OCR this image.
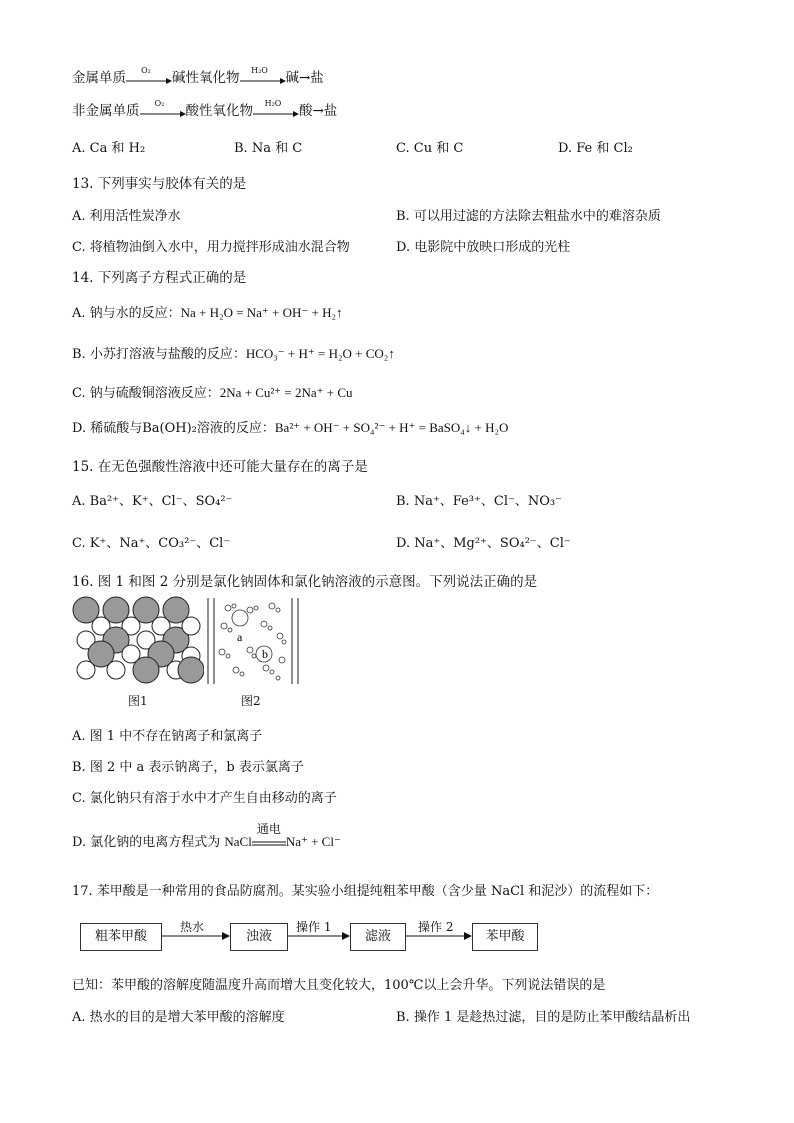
金属单质	O₂	碱性氧化物	H₂O	碱→盐
非金属单质	O₂	酸性氧化物	H₂O	酸→盐
A. Ca 和 H₂	B. Na 和 C	C. Cu 和 C	D. Fe 和 Cl₂
13. 下列事实与胶体有关的是
A. 利用活性炭净水	B. 可以用过滤的方法除去粗盐水中的难溶杂质
C. 将植物油倒入水中，用力搅拌形成油水混合物	D. 电影院中放映口形成的光柱
14. 下列离子方程式正确的是
A. 钠与水的反应：Na + H₂O = Na⁺ + OH⁻ + H₂↑
B. 小苏打溶液与盐酸的反应：HCO₃⁻ + H⁺ = H₂O + CO₂↑
C. 钠与硫酸铜溶液反应：2Na + Cu²⁺ = 2Na⁺ + Cu
D. 稀硫酸与Ba(OH)₂溶液的反应：Ba²⁺ + OH⁻ + SO₄²⁻ + H⁺ = BaSO₄↓ + H₂O
15. 在无色强酸性溶液中还可能大量存在的离子是
A. Ba²⁺、K⁺、Cl⁻、SO₄²⁻	B. Na⁺、Fe³⁺、Cl⁻、NO₃⁻
C. K⁺、Na⁺、CO₃²⁻、Cl⁻	D. Na⁺、Mg²⁺、SO₄²⁻、Cl⁻
16. 图 1 和图 2 分别是氯化钠固体和氯化钠溶液的示意图。下列说法正确的是
a
b
图1	图2
A. 图 1 中不存在钠离子和氯离子
B. 图 2 中 a 表示钠离子，b 表示氯离子
C. 氯化钠只有溶于水中才产生自由移动的离子
D. 氯化钠的电离方程式为 NaCl
通电
Na⁺ + Cl⁻
17. 苯甲酸是一种常用的食品防腐剂。某实验小组提纯粗苯甲酸（含少量 NaCl 和泥沙）的流程如下：
粗苯甲酸
热水
浊液
操作 1
滤液
操作 2
苯甲酸
已知：苯甲酸的溶解度随温度升高而增大且变化较大，100℃以上会升华。下列说法错误的是
A. 热水的目的是增大苯甲酸的溶解度	B. 操作 1 是趁热过滤，目的是防止苯甲酸结晶析出
